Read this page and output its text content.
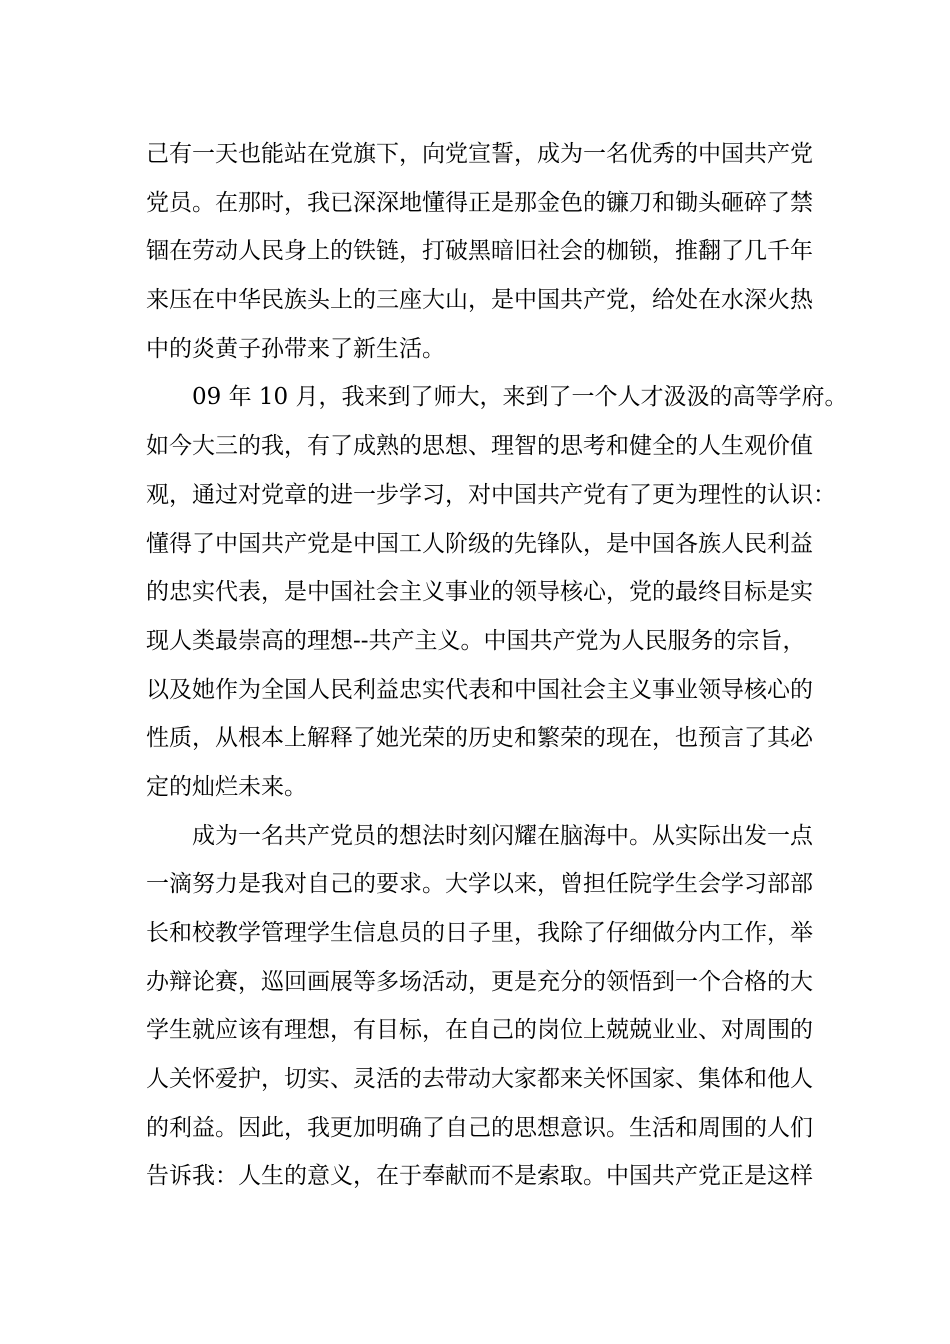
己有一天也能站在党旗下，向党宣誓，成为一名优秀的中国共产党
党员。在那时，我已深深地懂得正是那金色的镰刀和锄头砸碎了禁
锢在劳动人民身上的铁链，打破黑暗旧社会的枷锁，推翻了几千年
来压在中华民族头上的三座大山，是中国共产党，给处在水深火热
中的炎黄子孙带来了新生活。
09 年 10 月，我来到了师大，来到了一个人才汲汲的高等学府。
如今大三的我，有了成熟的思想、理智的思考和健全的人生观价值
观，通过对党章的进一步学习，对中国共产党有了更为理性的认识：
懂得了中国共产党是中国工人阶级的先锋队，是中国各族人民利益
的忠实代表，是中国社会主义事业的领导核心，党的最终目标是实
现人类最崇高的理想--共产主义。中国共产党为人民服务的宗旨，
以及她作为全国人民利益忠实代表和中国社会主义事业领导核心的
性质，从根本上解释了她光荣的历史和繁荣的现在，也预言了其必
定的灿烂未来。
成为一名共产党员的想法时刻闪耀在脑海中。从实际出发一点
一滴努力是我对自己的要求。大学以来，曾担任院学生会学习部部
长和校教学管理学生信息员的日子里，我除了仔细做分内工作，举
办辩论赛，巡回画展等多场活动，更是充分的领悟到一个合格的大
学生就应该有理想，有目标，在自己的岗位上兢兢业业、对周围的
人关怀爱护，切实、灵活的去带动大家都来关怀国家、集体和他人
的利益。因此，我更加明确了自己的思想意识。生活和周围的人们
告诉我：人生的意义，在于奉献而不是索取。中国共产党正是这样
